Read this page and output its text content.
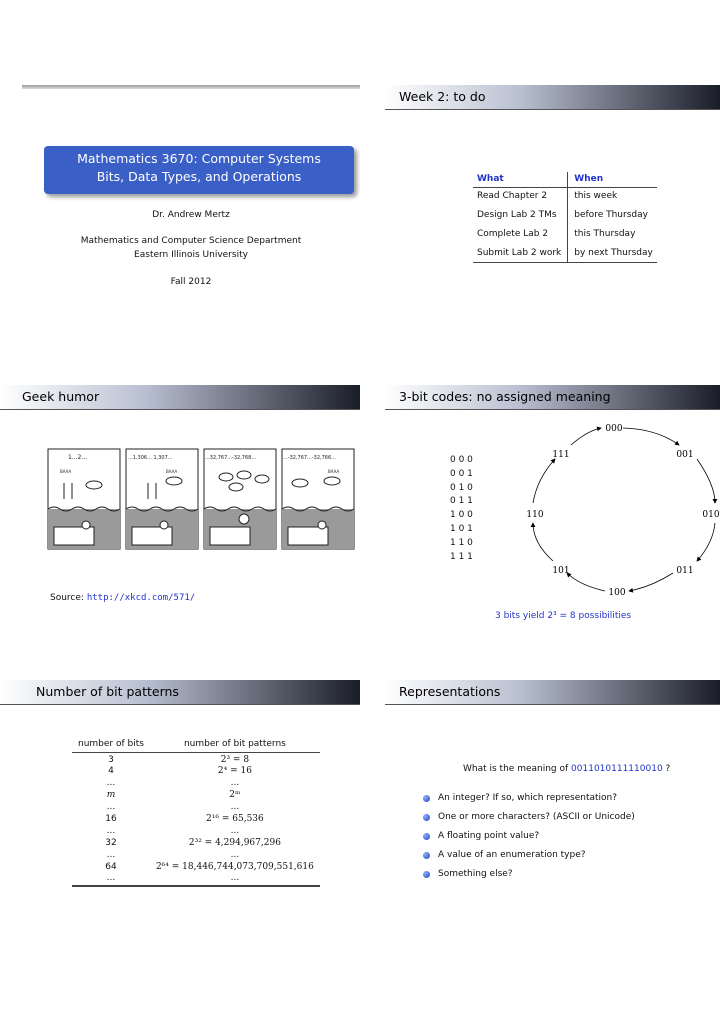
Mathematics 3670: Computer Systems
Bits, Data Types, and Operations
Dr. Andrew Mertz
Mathematics and Computer Science Department
Eastern Illinois University
Fall 2012
Week 2: to do
What	When
Read Chapter 2	this week
Design Lab 2 TMs	before Thursday
Complete Lab 2	this Thursday
Submit Lab 2 work	by next Thursday
Geek humor
1...2...
BAAA
...1,306... 1,307...
BAAA
...32,767...-32,768...	...-32,767...-32,766...
BAAA
Source: http://xkcd.com/571/
3-bit codes: no assigned meaning
0 0 0
0 0 1
0 1 0
0 1 1
1 0 0
1 0 1
1 1 0
1 1 1
000
001
010
011
100
101
110
111
3 bits yield 2³ = 8 possibilities
Number of bit patterns
number of bits	number of bit patterns
3	2³ = 8
4	2⁴ = 16
...	...
m	2ᵐ
...	...
16	2¹⁶ = 65,536
...	...
32	2³² = 4,294,967,296
...	...
64	2⁶⁴ = 18,446,744,073,709,551,616
...	...
Representations
What is the meaning of 0011010111110010 ?
An integer? If so, which representation?
One or more characters? (ASCII or Unicode)
A floating point value?
A value of an enumeration type?
Something else?
